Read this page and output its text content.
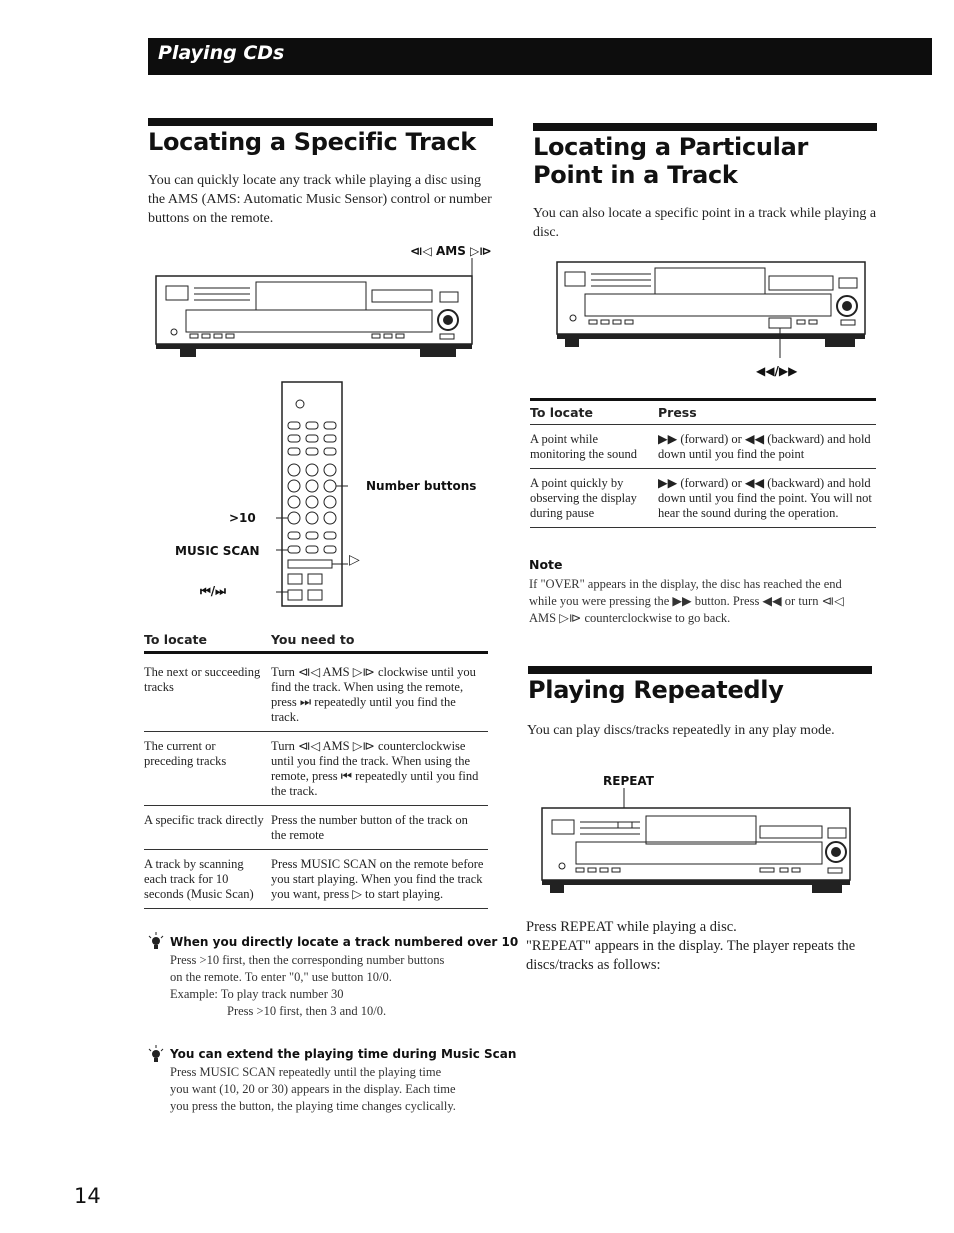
Playing CDs
Locating a Specific Track
You can quickly locate any track while playing a disc using the AMS (AMS: Automatic Music Sensor) control or number buttons on the remote.
⧏◁ AMS ▷⧐
Number buttons
>10
MUSIC SCAN
⏮/⏭
▷
To locate	You need to

The next or succeeding tracks	Turn ⧏◁ AMS ▷⧐ clockwise until you find the track. When using the remote, press ⏭ repeatedly until you find the track.
The current or preceding tracks	Turn ⧏◁ AMS ▷⧐ counterclockwise until you find the track. When using the remote, press ⏮ repeatedly until you find the track.
A specific track directly	Press the number button of the track on the remote
A track by scanning each track for 10 seconds (Music Scan)	Press MUSIC SCAN on the remote before you start playing. When you find the track you want, press ▷ to start playing.
When you directly locate a track numbered over 10
Press >10 first, then the corresponding number buttons
on the remote. To enter "0," use button 10/0.
Example: To play track number 30
Press >10 first, then 3 and 10/0.
You can extend the playing time during Music Scan
Press MUSIC SCAN repeatedly until the playing time
you want (10, 20 or 30) appears in the display. Each time
you press the button, the playing time changes cyclically.
Locating a Particular Point in a Track
You can also locate a specific point in a track while playing a disc.
◀◀/▶▶
To locate	Press
A point while monitoring the sound	▶▶ (forward) or ◀◀ (backward) and hold down until you find the point
A point quickly by observing the display during pause	▶▶ (forward) or ◀◀ (backward) and hold down until you find the point. You will not hear the sound during the operation.
Note
If "OVER" appears in the display, the disc has reached the end while you were pressing the ▶▶ button. Press ◀◀ or turn ⧏◁ AMS ▷⧐ counterclockwise to go back.
Playing Repeatedly
You can play discs/tracks repeatedly in any play mode.
REPEAT
Press REPEAT while playing a disc.
"REPEAT" appears in the display. The player repeats the discs/tracks as follows:
14
